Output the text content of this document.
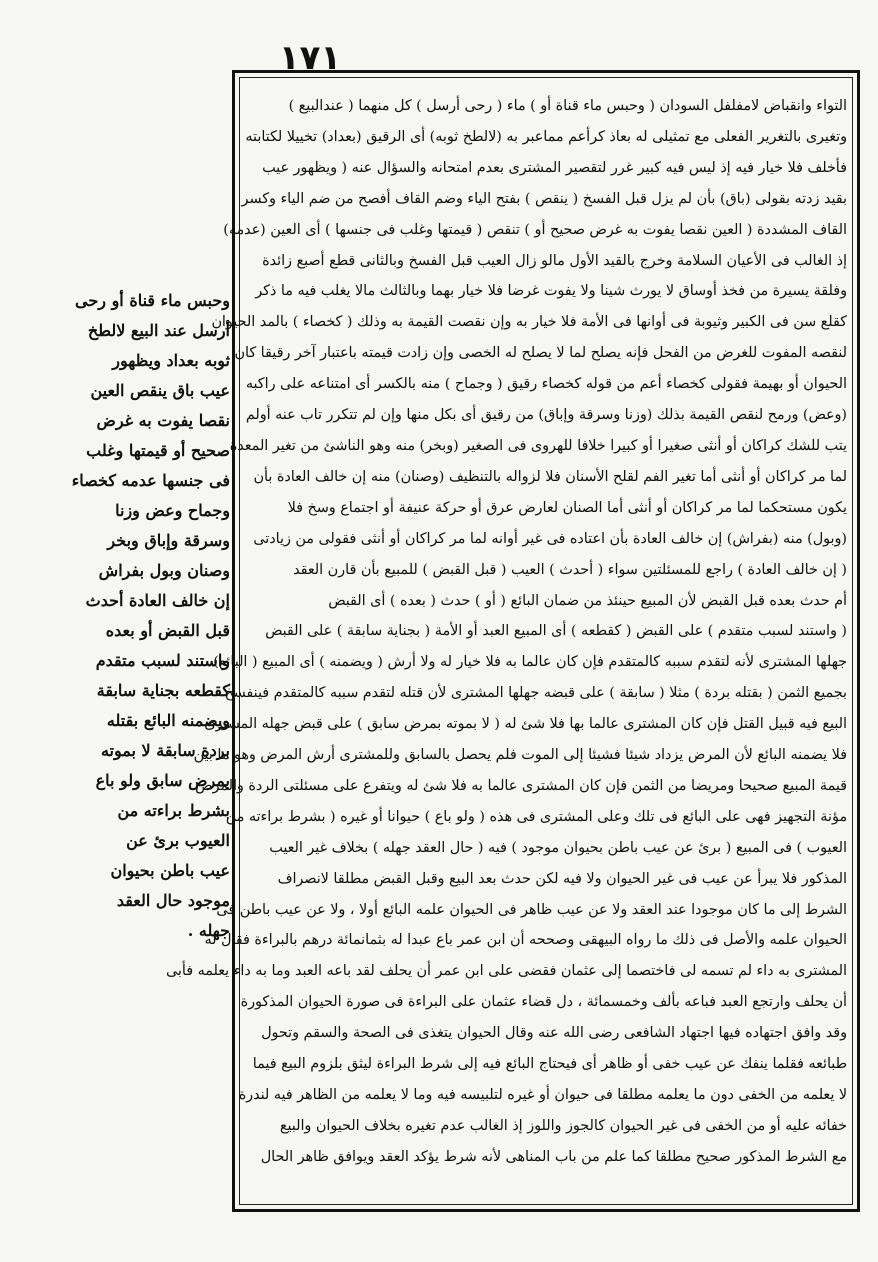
١٧١

وحبس ماء قناة أو رحى
أرسل عند البيع لالطخ
ثوبه بعداد ويظهور
عيب باق ينقص العين
نقصا يفوت به غرض
صحيح أو قيمتها وغلب
فى جنسها عدمه كخصاء
وجماح وعض وزنا
وسرقة وإباق وبخر
وصنان وبول بفراش
إن خالف العادة أحدث
قبل القبض أو بعده
واستند لسبب متقدم
كقطعه بجناية سابقة
ويضمنه البائع بقتله
بردة سابقة لا بموته
بمرض سابق ولو باع
بشرط براءته من
العيوب برئ عن
عيب باطن بحيوان
موجود حال العقد
جهله .

التواء وانقباض لامفلفل السودان ( وحبس ماء قناة أو ) ماء ( رحى أرسل ) كل منهما ( عندالبيع )
وتغيرى بالتغرير الفعلى مع تمثيلى له بعاذ كرأعم مماعبر به (لالطخ ثوبه) أى الرقيق (بعداد) تخييلا لكتابته
فأخلف فلا خيار فيه إذ ليس فيه كبير غرر لتقصير المشترى بعدم امتحانه والسؤال عنه ( ويظهور عيب
بقيد زدته بقولى (باق) بأن لم يزل قبل الفسخ ( ينقص ) بفتح الياء وضم القاف أفصح من ضم الياء وكسر
القاف المشددة ( العين نقصا يفوت به غرض صحيح أو ) تنقص ( قيمتها وغلب فى جنسها ) أى العين (عدمه)
إذ الغالب فى الأعيان السلامة وخرج بالقيد الأول مالو زال العيب قبل الفسخ وبالثانى قطع أصبع زائدة
وفلقة يسيرة من فخذ أوساق لا يورث شينا ولا يفوت غرضا فلا خيار بهما وبالثالث مالا يغلب فيه ما ذكر
كقلع سن فى الكبير وثيوبة فى أوانها فى الأمة فلا خيار به وإن نقصت القيمة به وذلك ( كخصاء ) بالمد الحيوان
لنقصه المفوت للغرض من الفحل فإنه يصلح لما لا يصلح له الخصى وإن زادت قيمته باعتبار آخر رقيقا كان
الحيوان أو بهيمة فقولى كخصاء أعم من قوله كخصاء رقيق ( وجماح ) منه بالكسر أى امتناعه على راكبه
(وعض) ورمح لنقص القيمة بذلك (وزنا وسرقة وإباق) من رقيق أى بكل منها وإن لم تتكرر تاب عنه أولم
يتب للشك كراكان أو أنثى صغيرا أو كبيرا خلافا للهروى فى الصغير (وبخر) منه وهو الناشئ من تغير المعدة
لما مر كراكان أو أنثى أما تغير الفم لقلح الأسنان فلا لزواله بالتنظيف (وصنان) منه إن خالف العادة بأن
يكون مستحكما لما مر كراكان أو أنثى أما الصنان لعارض عرق أو حركة عنيفة أو اجتماع وسخ فلا
(وبول) منه (بفراش) إن خالف العادة بأن اعتاده فى غير أوانه لما مر كراكان أو أنثى فقولى من زيادتى
( إن خالف العادة ) راجع للمسئلتين سواء ( أحدث ) العيب ( قبل القبض ) للمبيع بأن قارن العقد
أم حدث بعده قبل القبض لأن المبيع حينئذ من ضمان البائع ( أو ) حدث ( بعده ) أى القبض
( واستند لسبب متقدم ) على القبض ( كقطعه ) أى المبيع العبد أو الأمة ( بجناية سابقة ) على القبض
جهلها المشترى لأنه لتقدم سببه كالمتقدم فإن كان عالما به فلا خيار له ولا أرش ( ويضمنه ) أى المبيع ( البائع)
بجميع الثمن ( بقتله بردة ) مثلا ( سابقة ) على قبضه جهلها المشترى لأن قتله لتقدم سببه كالمتقدم فينفسخ
البيع فيه قبيل القتل فإن كان المشترى عالما بها فلا شئ له ( لا بموته بمرض سابق ) على قبض جهله المشترى
فلا يضمنه البائع لأن المرض يزداد شيئا فشيئا إلى الموت فلم يحصل بالسابق وللمشترى أرش المرض وهو ما بين
قيمة المبيع صحيحا ومريضا من الثمن فإن كان المشترى عالما به فلا شئ له ويتفرع على مسئلتى الردة والمرض
مؤنة التجهيز فهى على البائع فى تلك وعلى المشترى فى هذه ( ولو باع ) حيوانا أو غيره ( بشرط براءته من
العيوب ) فى المبيع ( برئ عن عيب باطن بحيوان موجود ) فيه ( حال العقد جهله ) بخلاف غير العيب
المذكور فلا يبرأ عن عيب فى غير الحيوان ولا فيه لكن حدث بعد البيع وقبل القبض مطلقا لانصراف
الشرط إلى ما كان موجودا عند العقد ولا عن عيب ظاهر فى الحيوان علمه البائع أولا ، ولا عن عيب باطن فى
الحيوان علمه والأصل فى ذلك ما رواه البيهقى وصححه أن ابن عمر باع عبدا له بثمانمائة درهم بالبراءة فقال له
المشترى به داء لم تسمه لى فاختصما إلى عثمان فقضى على ابن عمر أن يحلف لقد باعه العبد وما به داء يعلمه فأبى
أن يحلف وارتجع العبد فباعه بألف وخمسمائة ، دل قضاء عثمان على البراءة فى صورة الحيوان المذكورة
وقد وافق اجتهاده فيها اجتهاد الشافعى رضى الله عنه وقال الحيوان يتغذى فى الصحة والسقم وتحول
طبائعه فقلما ينفك عن عيب خفى أو ظاهر أى فيحتاج البائع فيه إلى شرط البراءة ليثق بلزوم البيع فيما
لا يعلمه من الخفى دون ما يعلمه مطلقا فى حيوان أو غيره لتلبيسه فيه وما لا يعلمه من الظاهر فيه لندرة
خفائه عليه أو من الخفى فى غير الحيوان كالجوز واللوز إذ الغالب عدم تغيره بخلاف الحيوان والبيع
مع الشرط المذكور صحيح مطلقا كما علم من باب المناهى لأنه شرط يؤكد العقد ويوافق ظاهر الحال
